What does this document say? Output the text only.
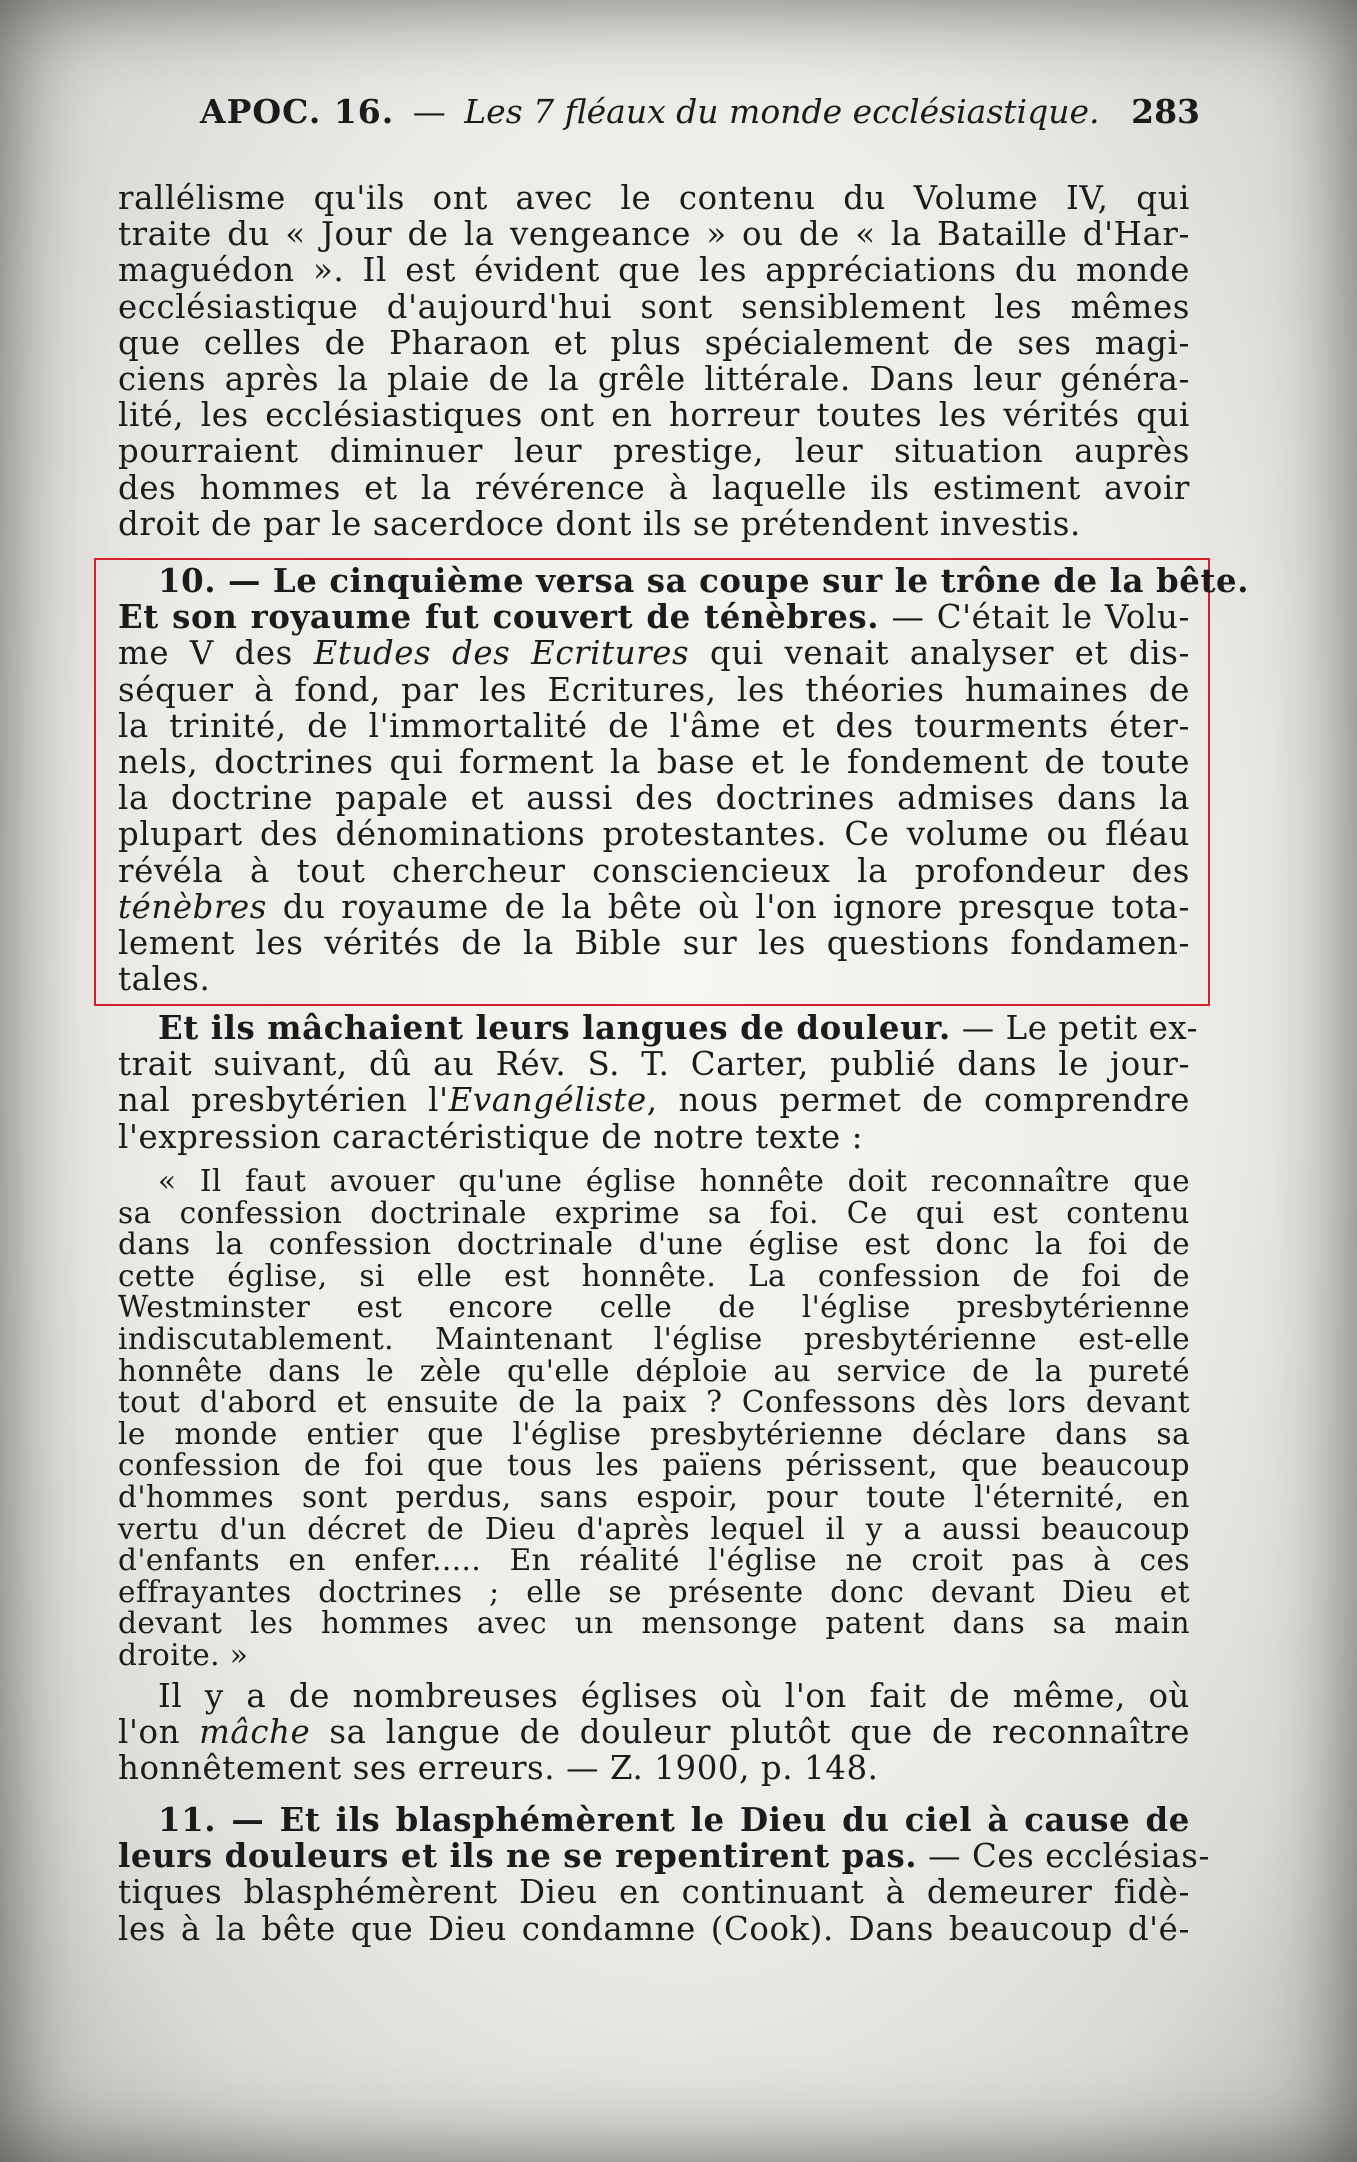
APOC. 16. — Les 7 fléaux du monde ecclésiastique. 283
rallélisme qu'ils ont avec le contenu du Volume IV, qui
traite du « Jour de la vengeance » ou de « la Bataille d'Har-
maguédon ». Il est évident que les appréciations du monde
ecclésiastique d'aujourd'hui sont sensiblement les mêmes
que celles de Pharaon et plus spécialement de ses magi-
ciens après la plaie de la grêle littérale. Dans leur généra-
lité, les ecclésiastiques ont en horreur toutes les vérités qui
pourraient diminuer leur prestige, leur situation auprès
des hommes et la révérence à laquelle ils estiment avoir
droit de par le sacerdoce dont ils se prétendent investis.
10. — Le cinquième versa sa coupe sur le trône de la bête.
Et son royaume fut couvert de ténèbres. — C'était le Volu-
me V des Etudes des Ecritures qui venait analyser et dis-
séquer à fond, par les Ecritures, les théories humaines de
la trinité, de l'immortalité de l'âme et des tourments éter-
nels, doctrines qui forment la base et le fondement de toute
la doctrine papale et aussi des doctrines admises dans la
plupart des dénominations protestantes. Ce volume ou fléau
révéla à tout chercheur consciencieux la profondeur des
ténèbres du royaume de la bête où l'on ignore presque tota-
lement les vérités de la Bible sur les questions fondamen-
tales.
Et ils mâchaient leurs langues de douleur. — Le petit ex-
trait suivant, dû au Rév. S. T. Carter, publié dans le jour-
nal presbytérien l'Evangéliste, nous permet de comprendre
l'expression caractéristique de notre texte :
« Il faut avouer qu'une église honnête doit reconnaître que
sa confession doctrinale exprime sa foi. Ce qui est contenu
dans la confession doctrinale d'une église est donc la foi de
cette église, si elle est honnête. La confession de foi de
Westminster est encore celle de l'église presbytérienne
indiscutablement. Maintenant l'église presbytérienne est-elle
honnête dans le zèle qu'elle déploie au service de la pureté
tout d'abord et ensuite de la paix ? Confessons dès lors devant
le monde entier que l'église presbytérienne déclare dans sa
confession de foi que tous les païens périssent, que beaucoup
d'hommes sont perdus, sans espoir, pour toute l'éternité, en
vertu d'un décret de Dieu d'après lequel il y a aussi beaucoup
d'enfants en enfer..... En réalité l'église ne croit pas à ces
effrayantes doctrines ; elle se présente donc devant Dieu et
devant les hommes avec un mensonge patent dans sa main
droite. »
Il y a de nombreuses églises où l'on fait de même, où
l'on mâche sa langue de douleur plutôt que de reconnaître
honnêtement ses erreurs. — Z. 1900, p. 148.
11. — Et ils blasphémèrent le Dieu du ciel à cause de
leurs douleurs et ils ne se repentirent pas. — Ces ecclésias-
tiques blasphémèrent Dieu en continuant à demeurer fidè-
les à la bête que Dieu condamne (Cook). Dans beaucoup d'é-
